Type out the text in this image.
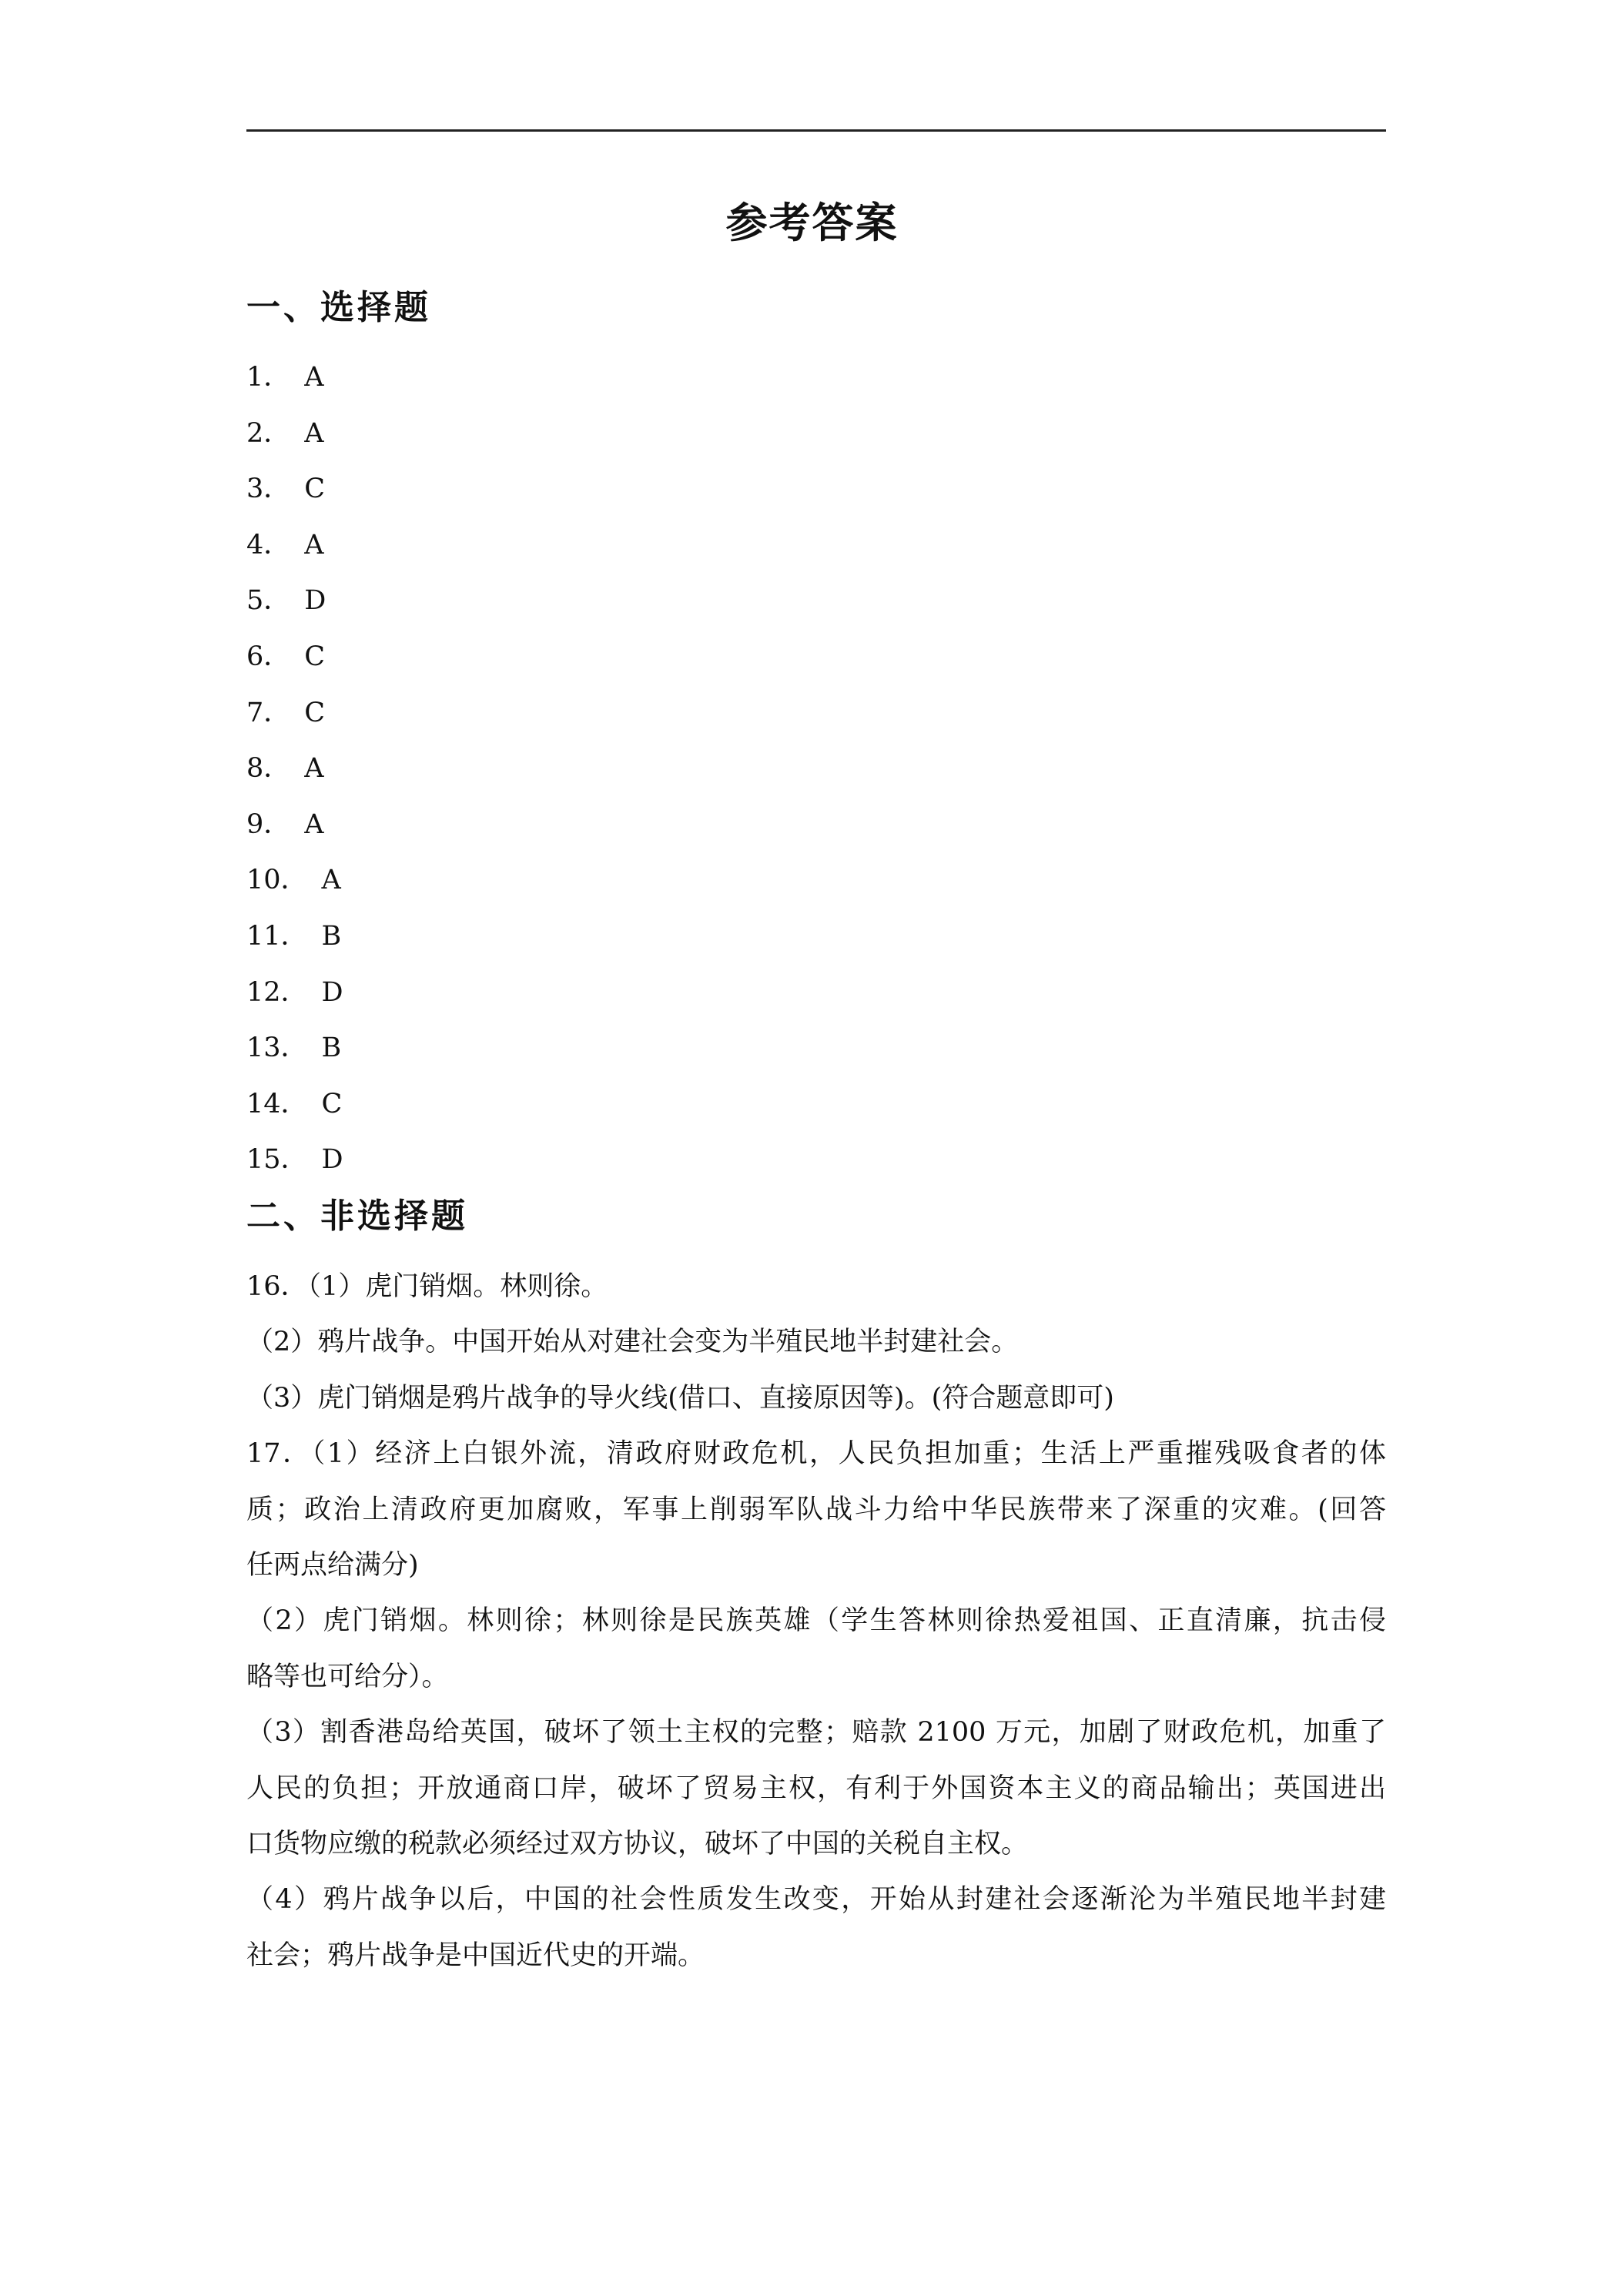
参考答案
一、选择题
1． A
2． A
3． C
4． A
5． D
6． C
7． C
8． A
9． A
10． A
11． B
12． D
13． B
14． C
15． D
二、非选择题

16．（1）虎门销烟。林则徐。

（2）鸦片战争。中国开始从对建社会变为半殖民地半封建社会。

（3）虎门销烟是鸦片战争的导火线(借口、直接原因等)。(符合题意即可)

17．（1）经济上白银外流，清政府财政危机，人民负担加重；生活上严重摧残吸食者的体

质；政治上清政府更加腐败，军事上削弱军队战斗力给中华民族带来了深重的灾难。(回答

任两点给满分)

（2）虎门销烟。林则徐；林则徐是民族英雄（学生答林则徐热爱祖国、正直清廉，抗击侵

略等也可给分）。

（3）割香港岛给英国，破坏了领土主权的完整；赔款 2100 万元，加剧了财政危机，加重了

人民的负担；开放通商口岸，破坏了贸易主权，有利于外国资本主义的商品输出；英国进出

口货物应缴的税款必须经过双方协议，破坏了中国的关税自主权。

（4）鸦片战争以后，中国的社会性质发生改变，开始从封建社会逐渐沦为半殖民地半封建

社会；鸦片战争是中国近代史的开端。
